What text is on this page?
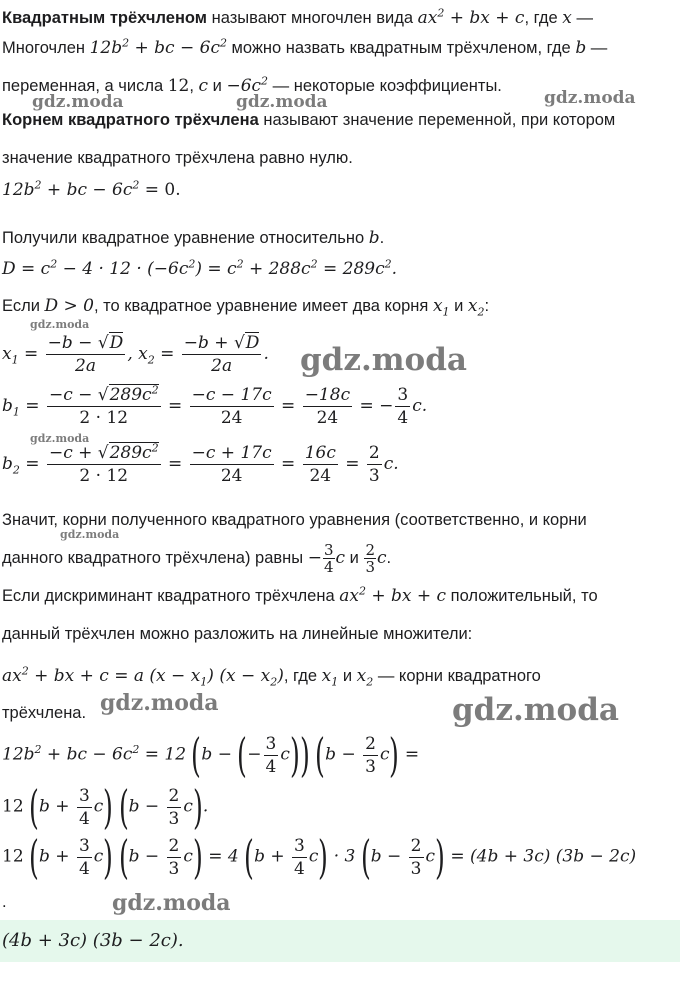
Квадратным трёхчленом называют многочлен вида $ax^2$ + bx + c, где x —
Многочлен $12b^2$ + bc − $6c^2$ можно назвать квадратным трёхчленом, где b —
переменная, а числа 12, c $и -6c^2$ — некоторые коэффициенты.
Корнем квадратного трёхчлена называют значение переменной, при котором
значение квадратного трёхчлена равно нулю.
$12b^2$ + bc − $6c^2 = 0$.
Получили квадратное уравнение относительно b.
$D = c^2 - 4 \cdot 12 \cdot (-6c^2) = c^2 + 288c^2 = 289c^2$.
Если D > 0, то квадратное уравнение имеет два корня $x_1$ и $x_2$:
$x_1 = \frac{-b - √D}{2a}$ , $x_2 = \frac{-b + √D}{2a}$ .
$b_1 = \frac{-c - √289c^2}{2 \cdot 12} = \frac{-c - 17c}{24} = \frac{-18c}{24}$ = − $\frac{3}{4} c$.
$b_2 = \frac{-c + √289c^2}{2 \cdot 12} = \frac{-c + 17c}{24} = \frac{16c}{24} = \frac{2}{3} c$.
Значит, корни полученного квадратного уравнения (соответственно, и корни
данного квадратного трёхчлена) равны − $\frac{3}{4}$ c и $\frac{2}{3} c$.
Если дискриминант квадратного трёхчлена $ax^2$ + bx + c положительный, то
данный трёхчлен можно разложить на линейные множители:
$ax^2$ + bx + c = a $(x - x_1)$ $(x - x_2)$, где $x_1$ и $x_2$ — корни квадратного
трёхчлена.
$12b^2$ + bc − $6c^2 = 12$ (b − (− $\frac{3}{4} c$)) $(b - \frac{2}{3} c)$ =
12 $(b + \frac{3}{4} c)$ $(b - \frac{2}{3} c)$.
12 $(b + \frac{3}{4} c)$ $(b - \frac{2}{3} c) = 4$ $(b + \frac{3}{4} c) \cdot 3$ $(b - \frac{2}{3} c) = (4b + 3c)$ (3b − 2c)
.
(4b + 3c) (3b − 2c).
gdz.moda	gdz.moda	gdz.moda
gdz.moda
gdz.moda
gdz.moda
gdz.moda
gdz.moda	gdz.moda
gdz.moda
